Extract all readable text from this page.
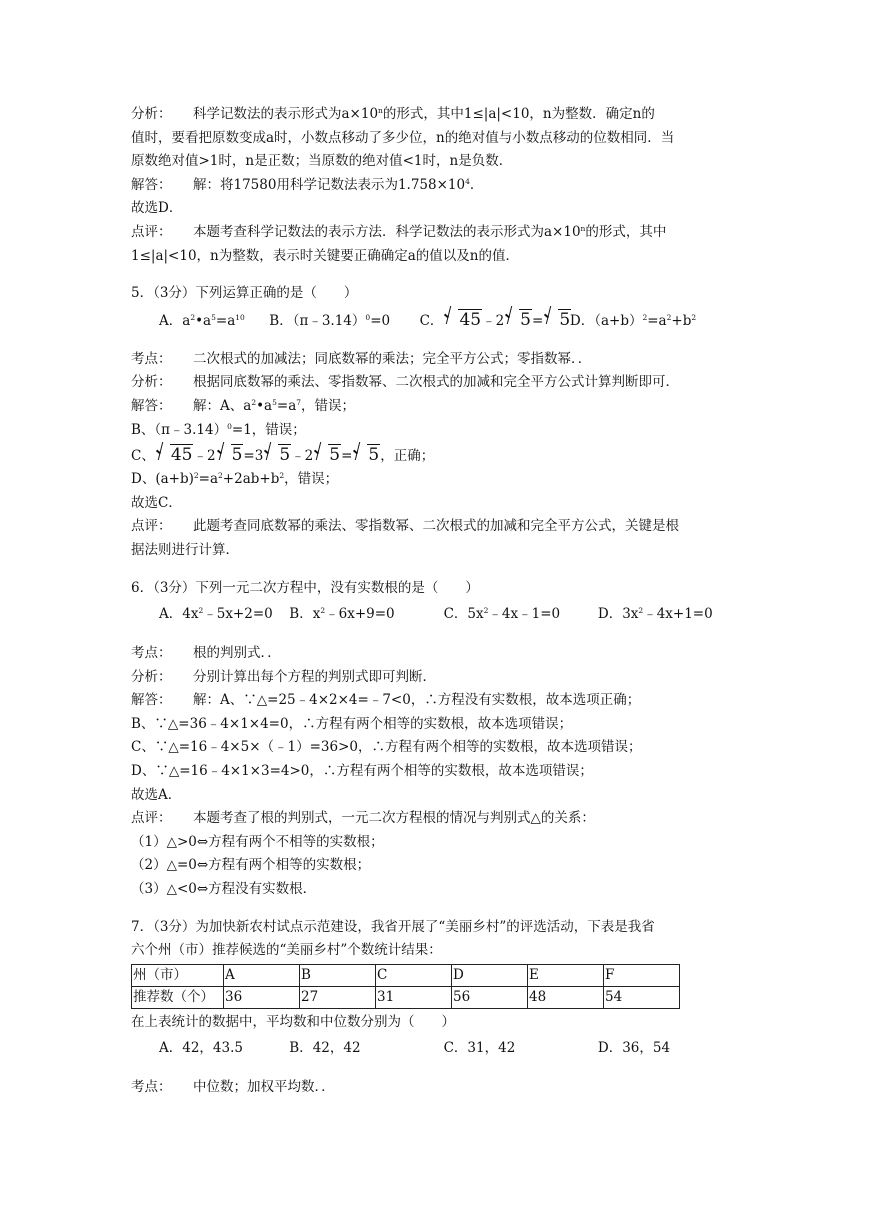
分析： 科学记数法的表示形式为$a\times 10^n$的形式，其中1≤|a|<10，n为整数．确定n的
值时，要看把原数变成a时，小数点移动了多少位，n的绝对值与小数点移动的位数相同．当
原数绝对值>1时，n是正数；当原数的绝对值<1时，n是负数．
解答： 解：将17580用科学记数法表示为$1.758\times 10^4$．
故选D．
点评： 本题考查科学记数法的表示方法．科学记数法的表示形式为$a\times 10^n$的形式，其中
1≤|a|<10，n为整数，表示时关键要正确确定a的值以及n的值．
5．（3分）下列运算正确的是（　　）
A．$a^2•a^5=a^{10}$ B．（π﹣3.14）$^0$=0 C． 45﹣2 5= 5 D．$(a+b)^2=a^2+b^2$
考点： 二次根式的加减法；同底数幂的乘法；完全平方公式；零指数幂．．
分析： 根据同底数幂的乘法、零指数幂、二次根式的加减和完全平方公式计算判断即可．
解答： 解：A、$a^2•a^5=a^7$，错误；
B、（π﹣3.14）$^0$=1，错误；
C、 45﹣2 5=3 5﹣2 5= 5，正确；
D、$(a+b)^2=a^2+2ab+b^2$，错误；
故选C．
点评： 此题考查同底数幂的乘法、零指数幂、二次根式的加减和完全平方公式，关键是根
据法则进行计算．
6．（3分）下列一元二次方程中，没有实数根的是（　　）
A．$4x^2﹣5x+2=0$ B．$x^2﹣6x+9=0$	C．$5x^2﹣4x﹣1=0$	D．$3x^2﹣4x+1=0$
考点： 根的判别式．．
分析： 分别计算出每个方程的判别式即可判断．
解答： 解：A、∵△=25﹣4×2×4=﹣7<0，∴方程没有实数根，故本选项正确；
B、∵△=36﹣4×1×4=0，∴方程有两个相等的实数根，故本选项错误；
C、∵△=16﹣4×5×（﹣1）=36>0，∴方程有两个相等的实数根，故本选项错误；
D、∵△=16﹣4×1×3=4>0，∴方程有两个相等的实数根，故本选项错误；
故选A．
点评： 本题考查了根的判别式，一元二次方程根的情况与判别式△的关系：
（1）△>0⇔方程有两个不相等的实数根；
（2）△=0⇔方程有两个相等的实数根；
（3）△<0⇔方程没有实数根．
7．（3分）为加快新农村试点示范建设，我省开展了“美丽乡村”的评选活动，下表是我省
六个州（市）推荐候选的“美丽乡村”个数统计结果：
州（市）	A	B	C	D	E	F
推荐数（个）	36	27	31	56	48	54
在上表统计的数据中，平均数和中位数分别为（　　）
A．42，43.5	B．42，42	C．31，42	D．36，54
考点： 中位数；加权平均数．．
